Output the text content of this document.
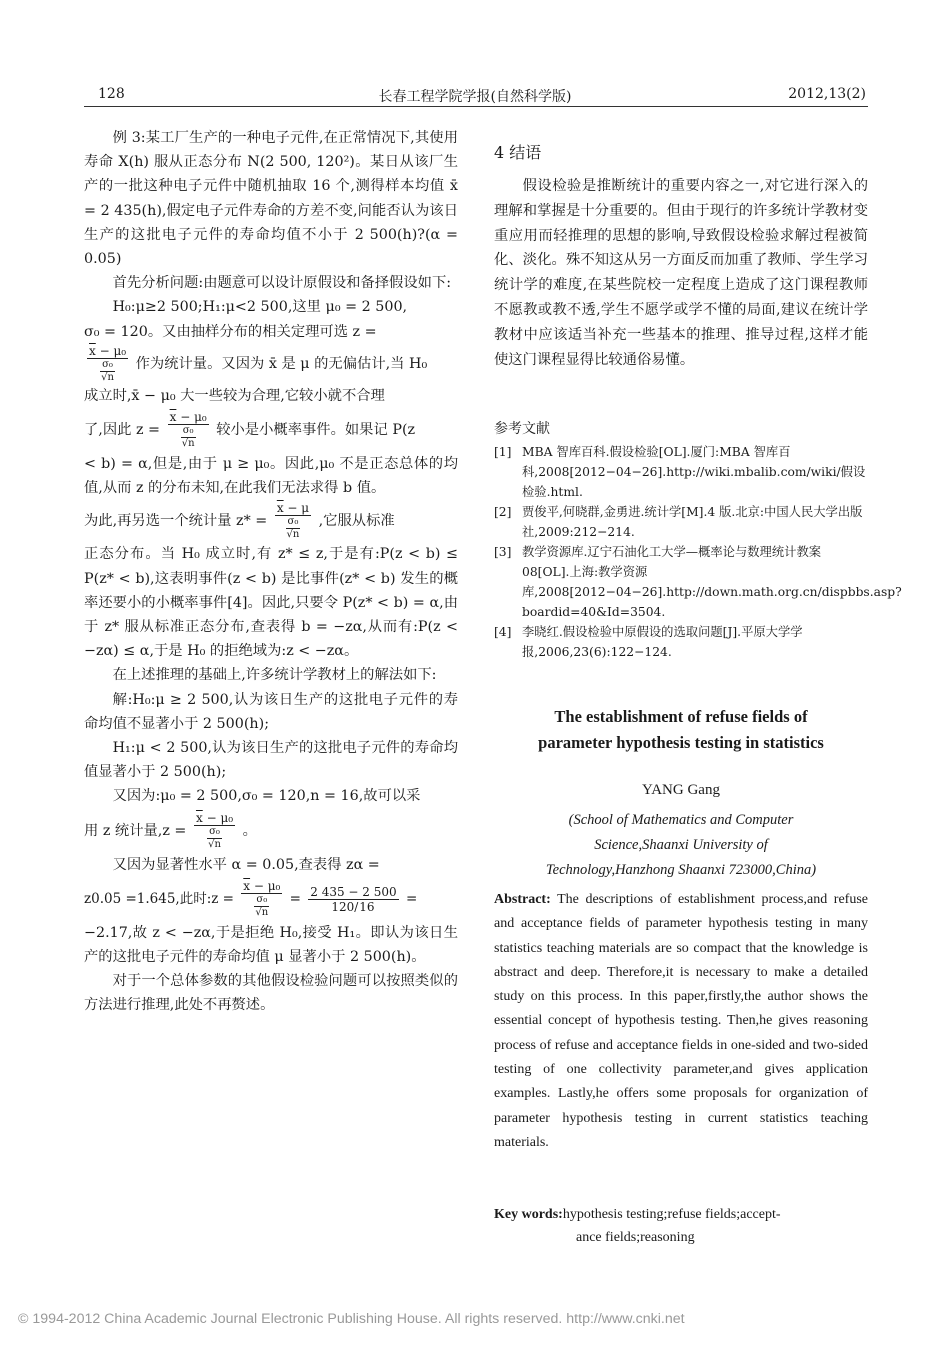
128	长春工程学院学报(自然科学版)	2012,13(2)

例 3:某工厂生产的一种电子元件,在正常情况下,其使用寿命 X(h) 服从正态分布 N(2 500, 120²)。某日从该厂生产的一批这种电子元件中随机抽取 16 个,测得样本均值 x̄ = 2 435(h),假定电子元件寿命的方差不变,问能否认为该日生产的这批电子元件的寿命均值不小于 2 500(h)?(α = 0.05)

首先分析问题:由题意可以设计原假设和备择假设如下:

H₀:μ≥2 500;H₁:μ<2 500,这里 μ₀ = 2 500,

σ₀ = 120。又由抽样分布的相关定理可选 z =

$\frac{\overline{x} - \mu_0}{\frac{\text{σ₀}}{√n}}$ 作为统计量。又因为 x̄ 是 μ 的无偏估计,当 H₀

成立时,x̄ − μ₀ 大一些较为合理,它较小就不合理

了,因此 $z = \frac{\overline{x} - \mu_0}{\frac{\text{σ₀}}{√n}}$ 较小是小概率事件。如果记 P(z

< b) = α,但是,由于 μ ≥ μ₀。因此,μ₀ 不是正态总体的均值,从而 z 的分布未知,在此我们无法求得 b 值。

为此,再另选一个统计量 $z* = \frac{\overline{x} - \mu}{\frac{\text{σ₀}}{√n}}$ ,它服从标准

正态分布。当 H₀ 成立时,有 z* ≤ z,于是有:P(z < b) ≤ P(z* < b),这表明事件(z < b) 是比事件(z* < b) 发生的概率还要小的小概率事件[4]。因此,只要令 P(z* < b) = α,由于 z* 服从标准正态分布,查表得 b = −zα,从而有:P(z < −zα) ≤ α,于是 H₀ 的拒绝域为:z < −zα。

在上述推理的基础上,许多统计学教材上的解法如下:

解:H₀:μ ≥ 2 500,认为该日生产的这批电子元件的寿命均值不显著小于 2 500(h);

H₁:μ < 2 500,认为该日生产的这批电子元件的寿命均值显著小于 2 500(h);

又因为:μ₀ = 2 500,σ₀ = 120,n = 16,故可以采

用 z 统计量$,z = \frac{\overline{x} - \mu_0}{\frac{\text{σ₀}}{√n}}$ 。

又因为显著性水平 α = 0.05,查表得 zα =

z0.05 =1.645,此时:z = $\frac{\overline{x} - \mu_0}{\frac{\text{σ₀}}{√n}} = \frac{2 435 - 2 500}{120/16}$ =

−2.17,故 z < −zα,于是拒绝 H₀,接受 H₁。即认为该日生产的这批电子元件的寿命均值 μ 显著小于 2 500(h)。

对于一个总体参数的其他假设检验问题可以按照类似的方法进行推理,此处不再赘述。

4 结语

假设检验是推断统计的重要内容之一,对它进行深入的理解和掌握是十分重要的。但由于现行的许多统计学教材变重应用而轻推理的思想的影响,导致假设检验求解过程被简化、淡化。殊不知这从另一方面反而加重了教师、学生学习统计学的难度,在某些院校一定程度上造成了这门课程教师不愿教或教不透,学生不愿学或学不懂的局面,建议在统计学教材中应该适当补充一些基本的推理、推导过程,这样才能使这门课程显得比较通俗易懂。

参考文献
[1] MBA 智库百科.假设检验[OL].厦门:MBA 智库百科,2008[2012−04−26].http://wiki.mbalib.com/wiki/假设检验.html.
[2] 贾俊平,何晓群,金勇进.统计学[M].4 版.北京:中国人民大学出版社,2009:212−214.
[3] 教学资源库.辽宁石油化工大学—概率论与数理统计教案 08[OL].上海:教学资源库,2008[2012−04−26].http://down.math.org.cn/dispbbs.asp?boardid=40&Id=3504.
[4] 李晓红.假设检验中原假设的选取问题[J].平原大学学报,2006,23(6):122−124.
The establishment of refuse fields of
parameter hypothesis testing in statistics
YANG Gang
(School of Mathematics and Computer
Science,Shaanxi University of
Technology,Hanzhong Shaanxi 723000,China)
Abstract: The descriptions of establishment process,and refuse and acceptance fields of parameter hypothesis testing in many statistics teaching materials are so compact that the knowledge is abstract and deep. Therefore,it is necessary to make a detailed study on this process. In this paper,firstly,the author shows the essential concept of hypothesis testing. Then,he gives reasoning process of refuse and acceptance fields in one-sided and two-sided testing of one collectivity parameter,and gives application examples. Lastly,he offers some proposals for organization of parameter hypothesis testing in current statistics teaching materials.
Key words:hypothesis testing;refuse fields;accept-
ance fields;reasoning
© 1994-2012 China Academic Journal Electronic Publishing House. All rights reserved. http://www.cnki.net
